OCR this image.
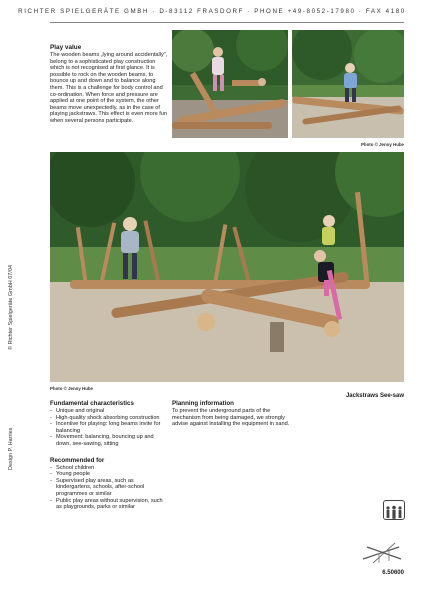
RICHTER SPIELGERÄTE GMBH · D-83112 FRASDORF · PHONE +49-8052-17980 · FAX 4180
© Richter Spielgeräte GmbH 07/04
Design P. Harries
Play value

The wooden beams „lying around accidentally", belong to a sophisticated play construction which is not recognised at first glance. It is possible to rock on the wooden beams, to bounce up and down and to balance along them. This is a challenge for body control and co-ordination. When force and pressure are applied at one point of the system, the other beams move unexpectedly, as in the case of playing jackstraws. This effect is even more fun when several persons participate.

Photo © Jenny Hube
Photo © Jenny Hube
Jackstraws See-saw
Fundamental characteristics
- Unique and original
- High-quality shock absorbing construction
- Incentive for playing: long beams invite for balancing
- Movement: balancing, bouncing up and down, see-sawing, sitting
Recommended for
- School children
- Young people
- Supervised play areas, such as kindergartens, schools, after-school programmes or similar
- Public play areas without supervision, such as playgrounds, parks or similar
Planning information

To prevent the underground parts of the mechanism from being damaged, we strongly advise against installing the equipment in sand.

6.50600
